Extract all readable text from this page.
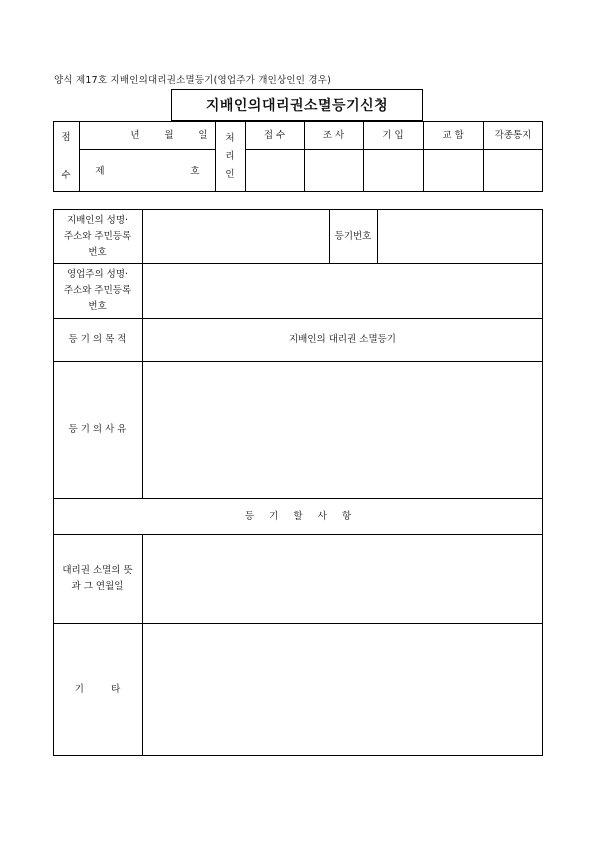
양식 제17호 지배인의대리권소멸등기(영업주가 개인상인인 경우)
지배인의대리권소멸등기신청
점
수
년	월	일
제	호
처
리
인
접 수	조 사	기 입	교 합	각종통지
지배인의 성명·
주소와 주민등록
번호
등기번호
영업주의 성명·
주소와 주민등록
번호
등 기 의 목 적	지배인의 대리권 소멸등기
등 기 의 사 유
등     기     할     사     항
대리권 소멸의 뜻
과 그 연월일
기         타
